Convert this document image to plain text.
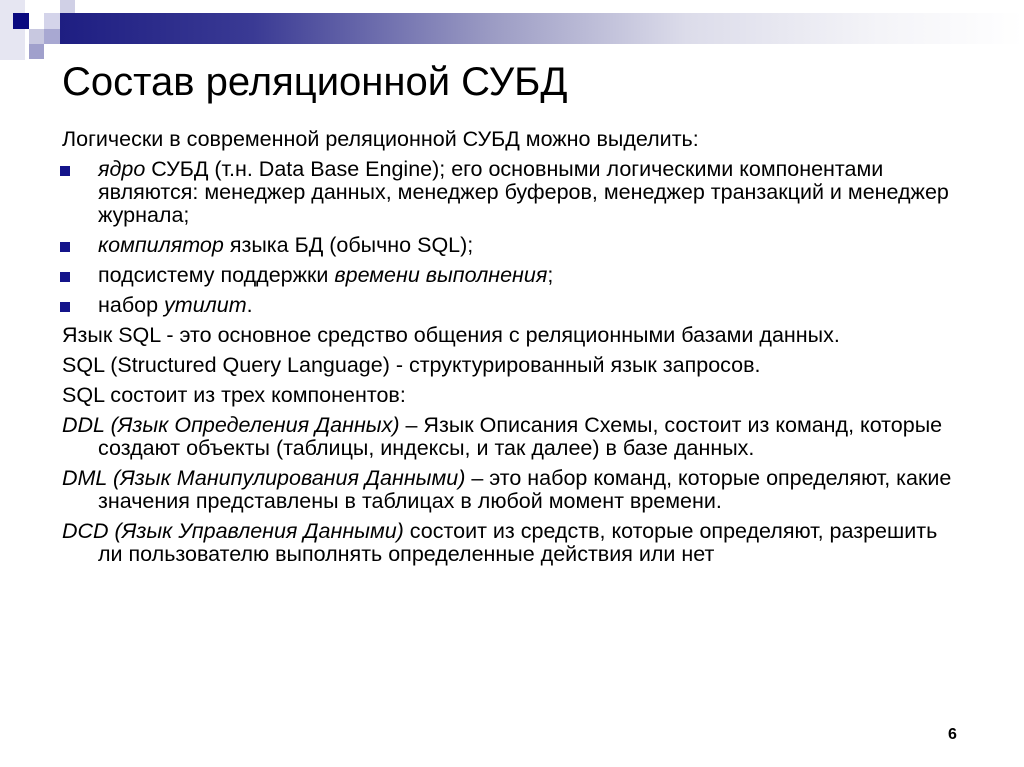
Состав реляционной СУБД

Логически в современной реляционной СУБД можно выделить:

ядро СУБД (т.н. Data Base Engine); его основными логическими компонентами являются: менеджер данных, менеджер буферов, менеджер транзакций и менеджер журнала;
компилятор языка БД (обычно SQL);
подсистему поддержки времени выполнения;
набор утилит.

Язык SQL - это основное средство общения с реляционными базами данных.

SQL (Structured Query Language) - структурированный язык запросов.

SQL состоит из трех компонентов:

DDL (Язык Определения Данных) – Язык Описания Схемы, состоит из команд, которые создают объекты (таблицы, индексы, и так далее) в базе данных.

DML (Язык Манипулирования Данными) – это набор команд, которые определяют, какие значения представлены в таблицах в любой момент времени.

DCD (Язык Управления Данными) состоит из средств, которые определяют, разрешить ли пользователю выполнять определенные действия или нет

6
